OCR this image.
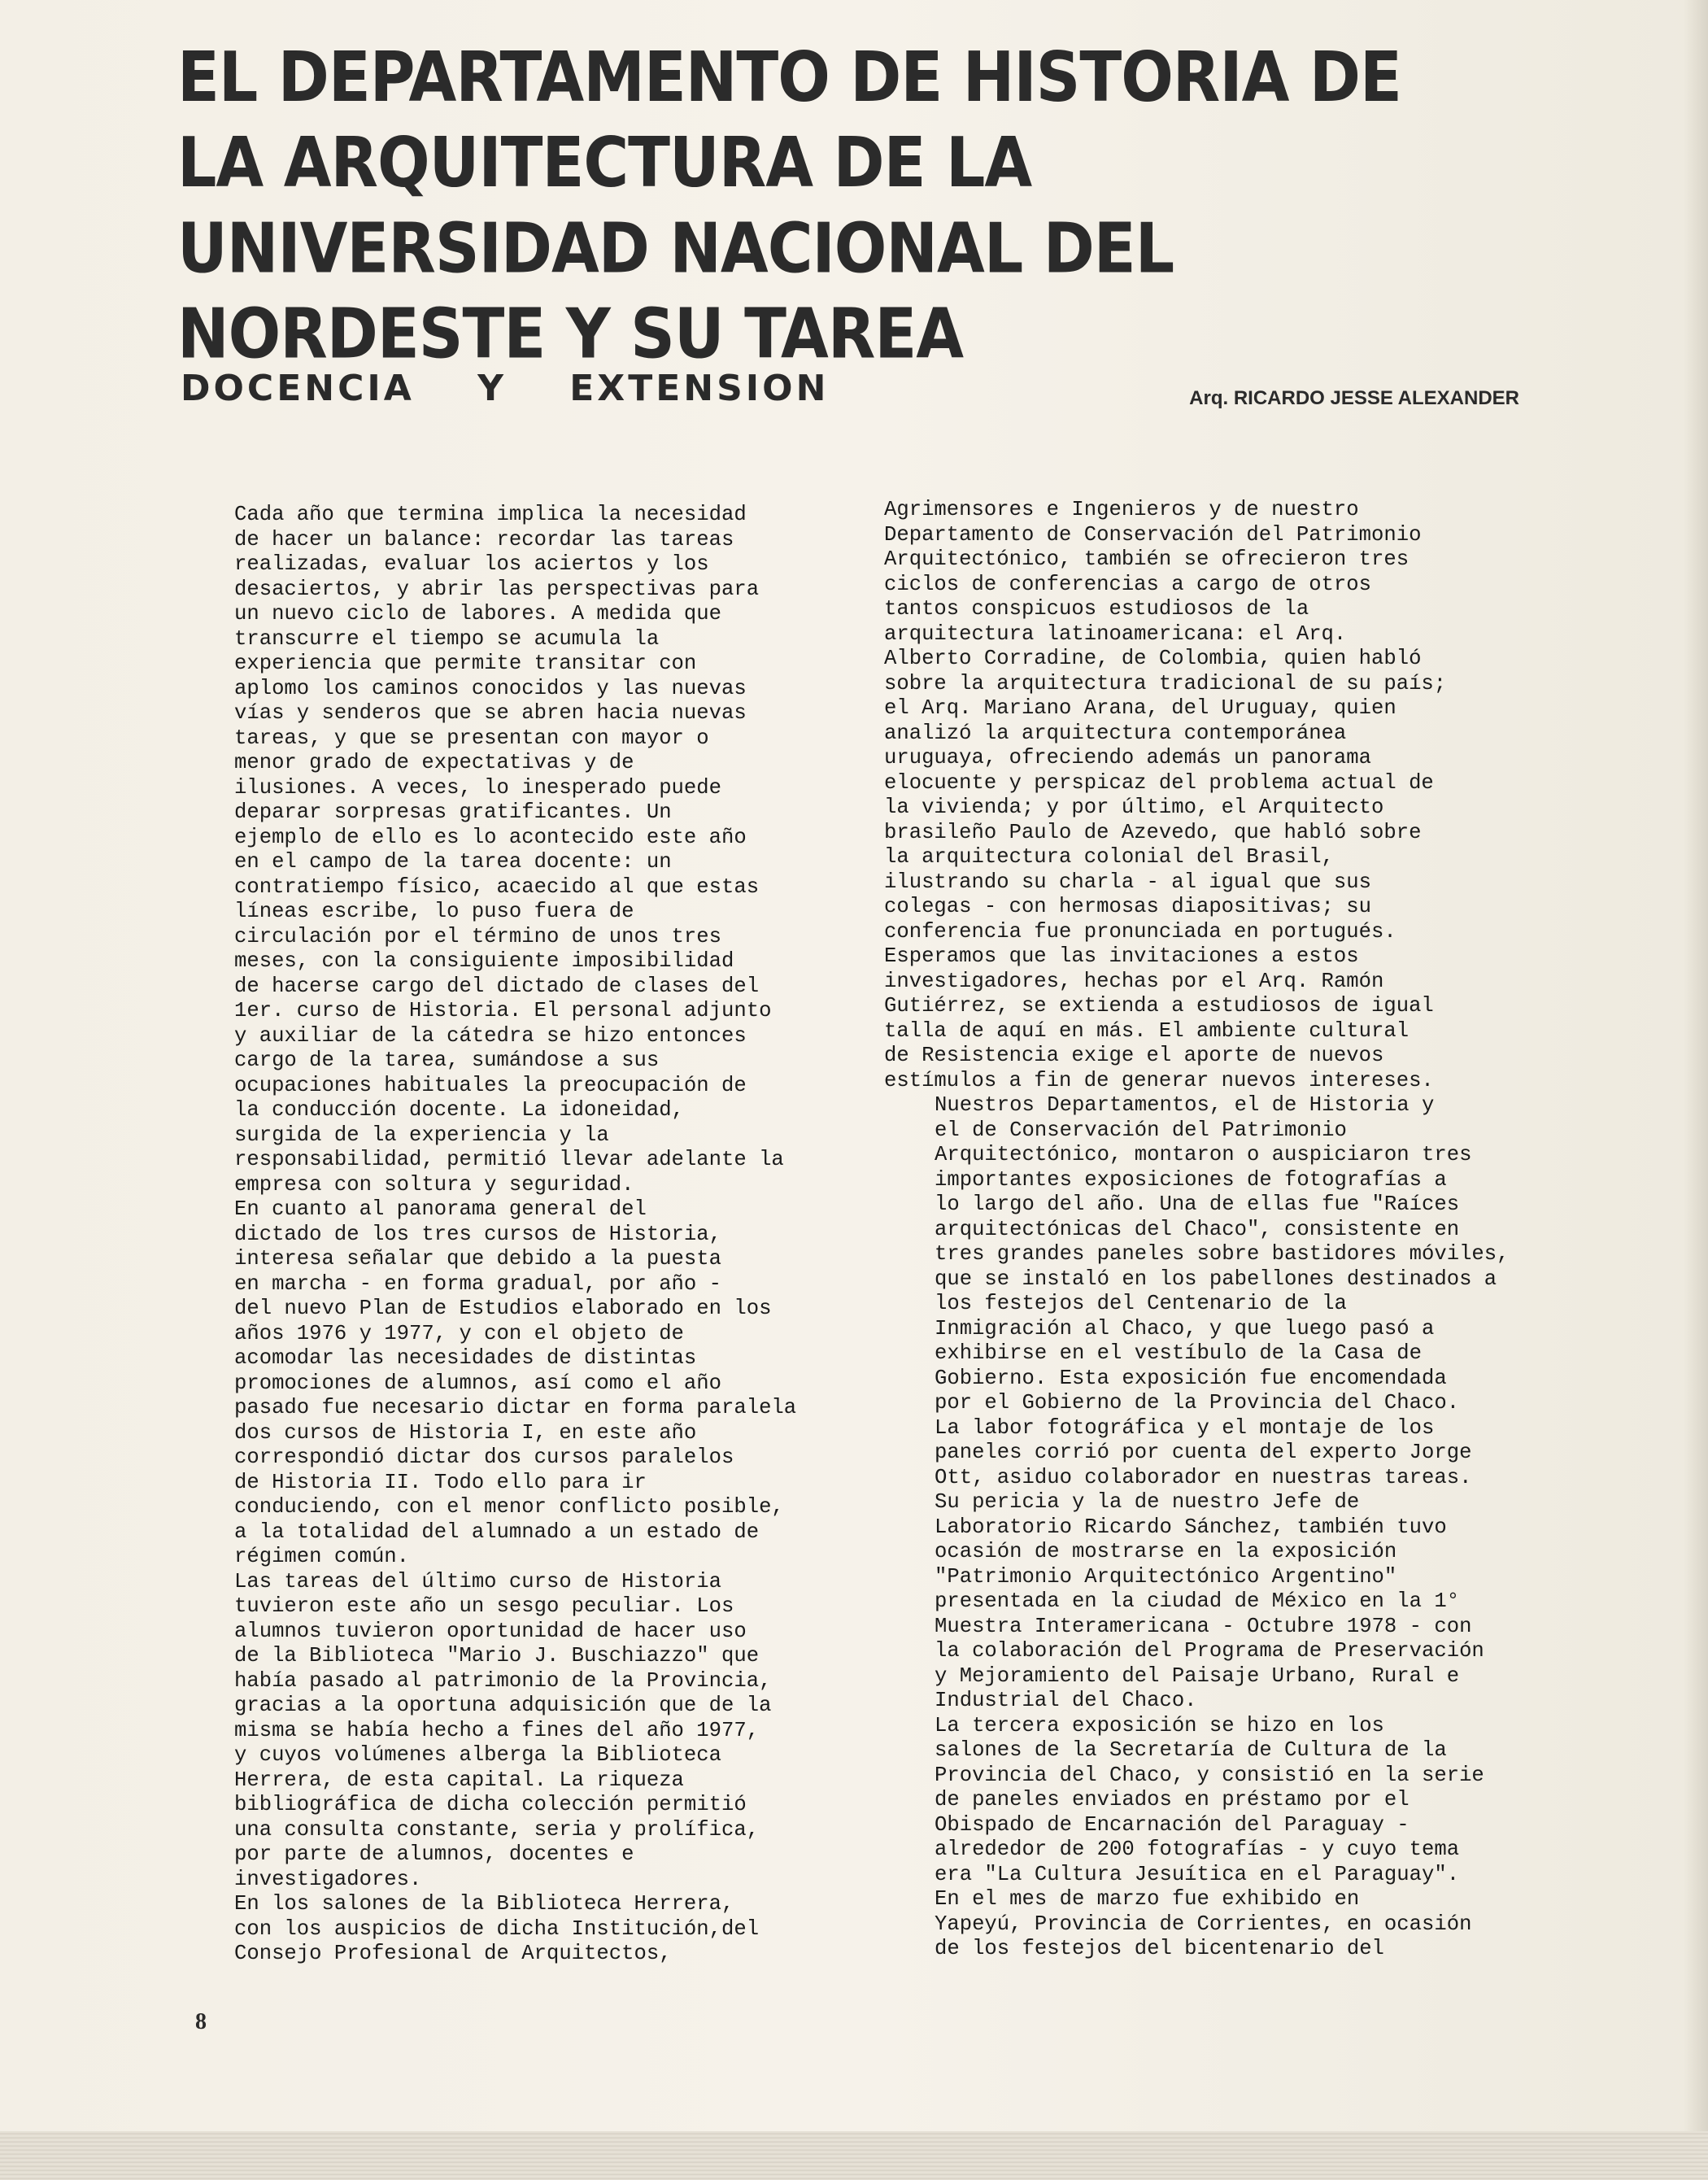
EL DEPARTAMENTO DE HISTORIA DE
LA ARQUITECTURA DE LA
UNIVERSIDAD NACIONAL DEL
NORDESTE Y SU TAREA
DOCENCIA    Y    EXTENSION	Arq. RICARDO JESSE ALEXANDER

Cada año que termina implica la necesidad
de hacer un balance: recordar las tareas
realizadas, evaluar los aciertos y los
desaciertos, y abrir las perspectivas para
un nuevo ciclo de labores. A medida que
transcurre el tiempo se acumula la
experiencia que permite transitar con
aplomo los caminos conocidos y las nuevas
vías y senderos que se abren hacia nuevas
tareas, y que se presentan con mayor o
menor grado de expectativas y de
ilusiones. A veces, lo inesperado puede
deparar sorpresas gratificantes. Un
ejemplo de ello es lo acontecido este año
en el campo de la tarea docente: un
contratiempo físico, acaecido al que estas
líneas escribe, lo puso fuera de
circulación por el término de unos tres
meses, con la consiguiente imposibilidad
de hacerse cargo del dictado de clases del
1er. curso de Historia. El personal adjunto
y auxiliar de la cátedra se hizo entonces
cargo de la tarea, sumándose a sus
ocupaciones habituales la preocupación de
la conducción docente. La idoneidad,
surgida de la experiencia y la
responsabilidad, permitió llevar adelante la
empresa con soltura y seguridad.

En cuanto al panorama general del
dictado de los tres cursos de Historia,
interesa señalar que debido a la puesta
en marcha - en forma gradual, por año -
del nuevo Plan de Estudios elaborado en los
años 1976 y 1977, y con el objeto de
acomodar las necesidades de distintas
promociones de alumnos, así como el año
pasado fue necesario dictar en forma paralela
dos cursos de Historia I, en este año
correspondió dictar dos cursos paralelos
de Historia II. Todo ello para ir
conduciendo, con el menor conflicto posible,
a la totalidad del alumnado a un estado de
régimen común.

Las tareas del último curso de Historia
tuvieron este año un sesgo peculiar. Los
alumnos tuvieron oportunidad de hacer uso
de la Biblioteca "Mario J. Buschiazzo" que
había pasado al patrimonio de la Provincia,
gracias a la oportuna adquisición que de la
misma se había hecho a fines del año 1977,
y cuyos volúmenes alberga la Biblioteca
Herrera, de esta capital. La riqueza
bibliográfica de dicha colección permitió
una consulta constante, seria y prolífica,
por parte de alumnos, docentes e
investigadores.

En los salones de la Biblioteca Herrera,
con los auspicios de dicha Institución,del
Consejo Profesional de Arquitectos,

Agrimensores e Ingenieros y de nuestro
Departamento de Conservación del Patrimonio
Arquitectónico, también se ofrecieron tres
ciclos de conferencias a cargo de otros
tantos conspicuos estudiosos de la
arquitectura latinoamericana: el Arq.
Alberto Corradine, de Colombia, quien habló
sobre la arquitectura tradicional de su país;
el Arq. Mariano Arana, del Uruguay, quien
analizó la arquitectura contemporánea
uruguaya, ofreciendo además un panorama
elocuente y perspicaz del problema actual de
la vivienda; y por último, el Arquitecto
brasileño Paulo de Azevedo, que habló sobre
la arquitectura colonial del Brasil,
ilustrando su charla - al igual que sus
colegas - con hermosas diapositivas; su
conferencia fue pronunciada en portugués.
Esperamos que las invitaciones a estos
investigadores, hechas por el Arq. Ramón
Gutiérrez, se extienda a estudiosos de igual
talla de aquí en más. El ambiente cultural
de Resistencia exige el aporte de nuevos
estímulos a fin de generar nuevos intereses.

Nuestros Departamentos, el de Historia y
el de Conservación del Patrimonio
Arquitectónico, montaron o auspiciaron tres
importantes exposiciones de fotografías a
lo largo del año. Una de ellas fue "Raíces
arquitectónicas del Chaco", consistente en
tres grandes paneles sobre bastidores móviles,
que se instaló en los pabellones destinados a
los festejos del Centenario de la
Inmigración al Chaco, y que luego pasó a
exhibirse en el vestíbulo de la Casa de
Gobierno. Esta exposición fue encomendada
por el Gobierno de la Provincia del Chaco.
La labor fotográfica y el montaje de los
paneles corrió por cuenta del experto Jorge
Ott, asiduo colaborador en nuestras tareas.
Su pericia y la de nuestro Jefe de
Laboratorio Ricardo Sánchez, también tuvo
ocasión de mostrarse en la exposición
"Patrimonio Arquitectónico Argentino"
presentada en la ciudad de México en la 1°
Muestra Interamericana - Octubre 1978 - con
la colaboración del Programa de Preservación
y Mejoramiento del Paisaje Urbano, Rural e
Industrial del Chaco.

La tercera exposición se hizo en los
salones de la Secretaría de Cultura de la
Provincia del Chaco, y consistió en la serie
de paneles enviados en préstamo por el
Obispado de Encarnación del Paraguay -
alrededor de 200 fotografías - y cuyo tema
era "La Cultura Jesuítica en el Paraguay".

En el mes de marzo fue exhibido en
Yapeyú, Provincia de Corrientes, en ocasión
de los festejos del bicentenario del

8
